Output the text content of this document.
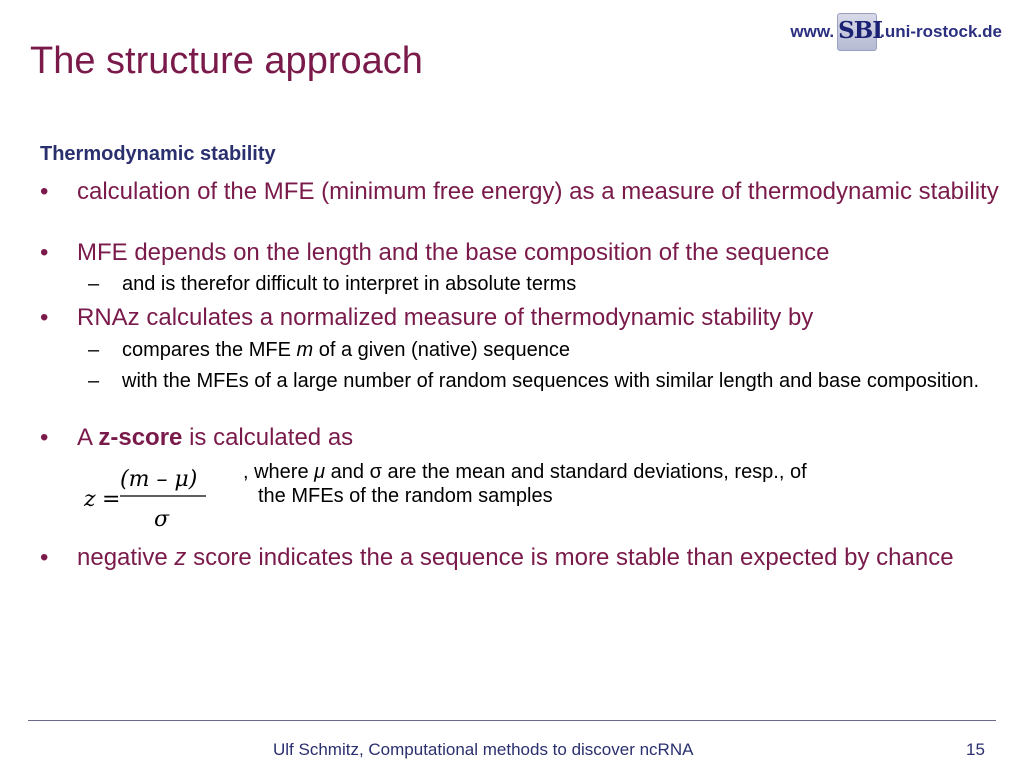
The structure approach
www. SBI
.uni-rostock.de
Thermodynamic stability
• calculation of the MFE (minimum free energy) as a measure of thermodynamic stability
• MFE depends on the length and the base composition of the sequence
– and is therefor difficult to interpret in absolute terms
• RNAz calculates a normalized measure of thermodynamic stability by
– compares the MFE m of a given (native) sequence
– with the MFEs of a large number of random sequences with similar length and base composition.
• A z-score is calculated as
z =
(m – μ)
σ
, where μ and σ are the mean and standard deviations, resp., of
the MFEs of the random samples
• negative z score indicates the a sequence is more stable than expected by chance
Ulf Schmitz, Computational methods to discover ncRNA	15
